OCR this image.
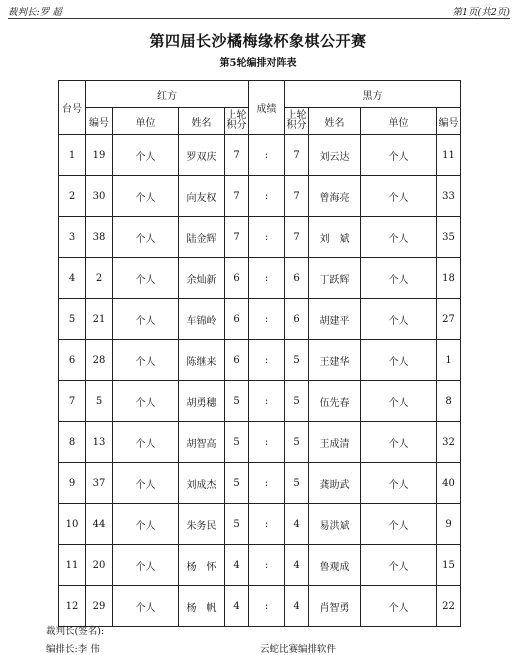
裁判长:罗 超	第1页(共2页)
第四届长沙橘梅缘杯象棋公开赛
第5轮编排对阵表
台号	红方				成绩	黑方			
	编号	单位	姓名	上轮积分		上轮积分	姓名	单位	编号
1	19	个人	罗双庆	7	:	7	刘云达	个人	11
2	30	个人	向友权	7	:	7	曾海亮	个人	33
3	38	个人	陆金辉	7	:	7	刘　斌	个人	35
4	2	个人	余灿新	6	:	6	丁跃辉	个人	18
5	21	个人	车锦岭	6	:	6	胡建平	个人	27
6	28	个人	陈继来	6	:	5	王建华	个人	1
7	5	个人	胡勇穗	5	:	5	伍先春	个人	8
8	13	个人	胡智高	5	:	5	王成清	个人	32
9	37	个人	刘成杰	5	:	5	龚助武	个人	40
10	44	个人	朱务民	5	:	4	易洪斌	个人	9
11	20	个人	杨　怀	4	:	4	鲁观成	个人	15
12	29	个人	杨　帆	4	:	4	肖智勇	个人	22
裁判长(签名):
编排长:李 伟	云蛇比赛编排软件
